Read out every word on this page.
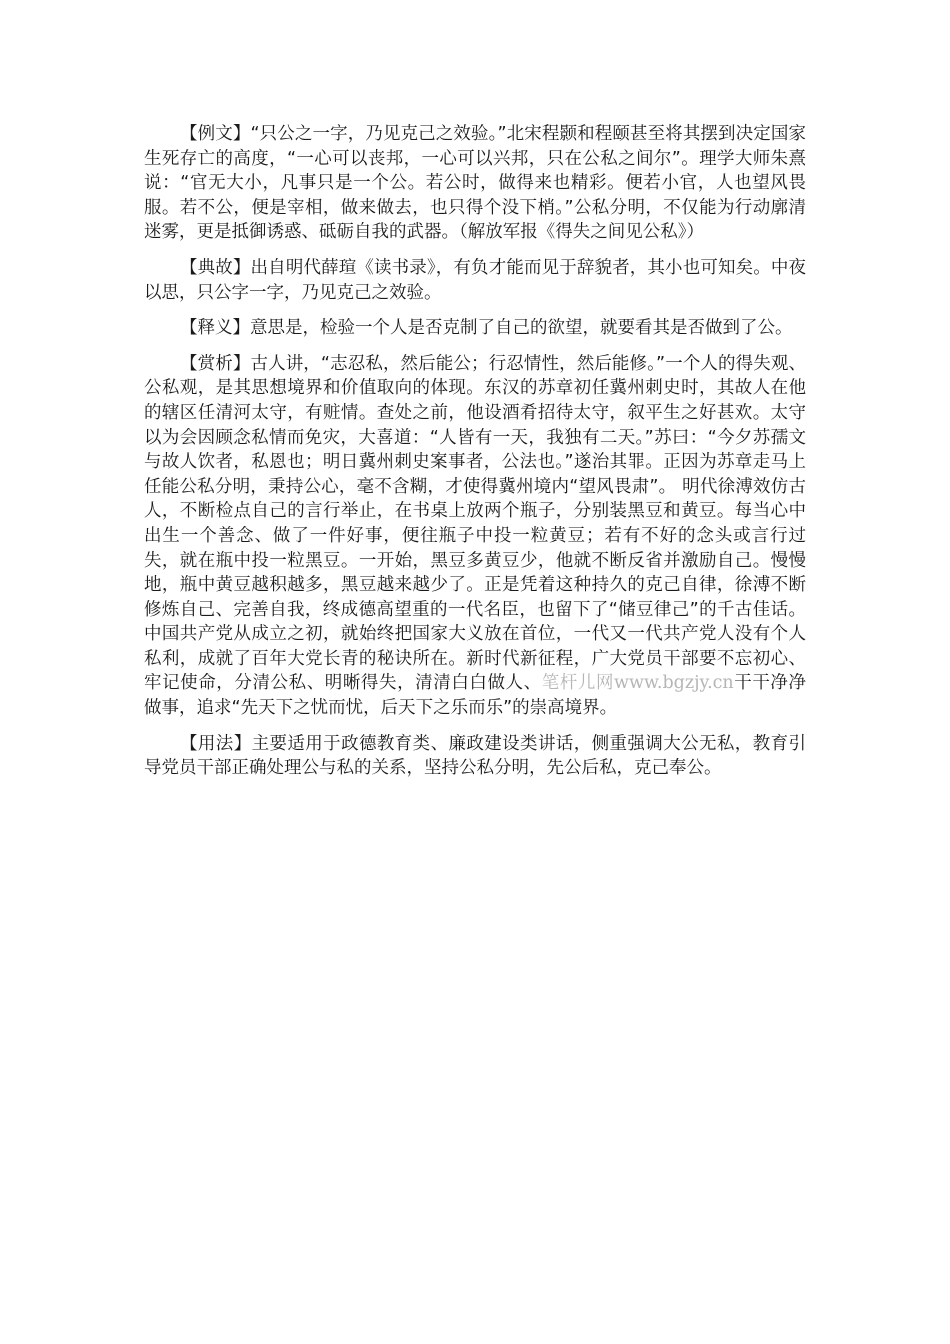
【例文】“只公之一字，乃见克己之效验。”北宋程颢和程颐甚至将其摆到决定国家生死存亡的高度，“一心可以丧邦，一心可以兴邦，只在公私之间尔”。理学大师朱熹说：“官无大小，凡事只是一个公。若公时，做得来也精彩。便若小官，人也望风畏服。若不公，便是宰相，做来做去，也只得个没下梢。”公私分明，不仅能为行动廓清迷雾，更是抵御诱惑、砥砺自我的武器。（解放军报《得失之间见公私》）

【典故】出自明代薛瑄《读书录》，有负才能而见于辞貌者，其小也可知矣。中夜以思，只公字一字，乃见克己之效验。

【释义】意思是，检验一个人是否克制了自己的欲望，就要看其是否做到了公。

【赏析】古人讲，“志忍私，然后能公；行忍情性，然后能修。”一个人的得失观、公私观，是其思想境界和价值取向的体现。东汉的苏章初任冀州刺史时，其故人在他的辖区任清河太守，有赃情。查处之前，他设酒肴招待太守，叙平生之好甚欢。太守以为会因顾念私情而免灾，大喜道：“人皆有一天，我独有二天。”苏曰：“今夕苏孺文与故人饮者，私恩也；明日冀州刺史案事者，公法也。”遂治其罪。正因为苏章走马上任能公私分明，秉持公心，毫不含糊，才使得冀州境内“望风畏肃”。 明代徐溥效仿古人，不断检点自己的言行举止，在书桌上放两个瓶子，分别装黑豆和黄豆。每当心中出生一个善念、做了一件好事，便往瓶子中投一粒黄豆；若有不好的念头或言行过失，就在瓶中投一粒黑豆。一开始，黑豆多黄豆少，他就不断反省并激励自己。慢慢地，瓶中黄豆越积越多，黑豆越来越少了。正是凭着这种持久的克己自律，徐溥不断修炼自己、完善自我，终成德高望重的一代名臣，也留下了“储豆律己”的千古佳话。中国共产党从成立之初，就始终把国家大义放在首位，一代又一代共产党人没有个人私利，成就了百年大党长青的秘诀所在。新时代新征程，广大党员干部要不忘初心、牢记使命，分清公私、明晰得失，清清白白做人、笔杆儿网www.bgzjy.cn干干净净做事，追求“先天下之忧而忧，后天下之乐而乐”的崇高境界。

【用法】主要适用于政德教育类、廉政建设类讲话，侧重强调大公无私，教育引导党员干部正确处理公与私的关系，坚持公私分明，先公后私，克己奉公。
